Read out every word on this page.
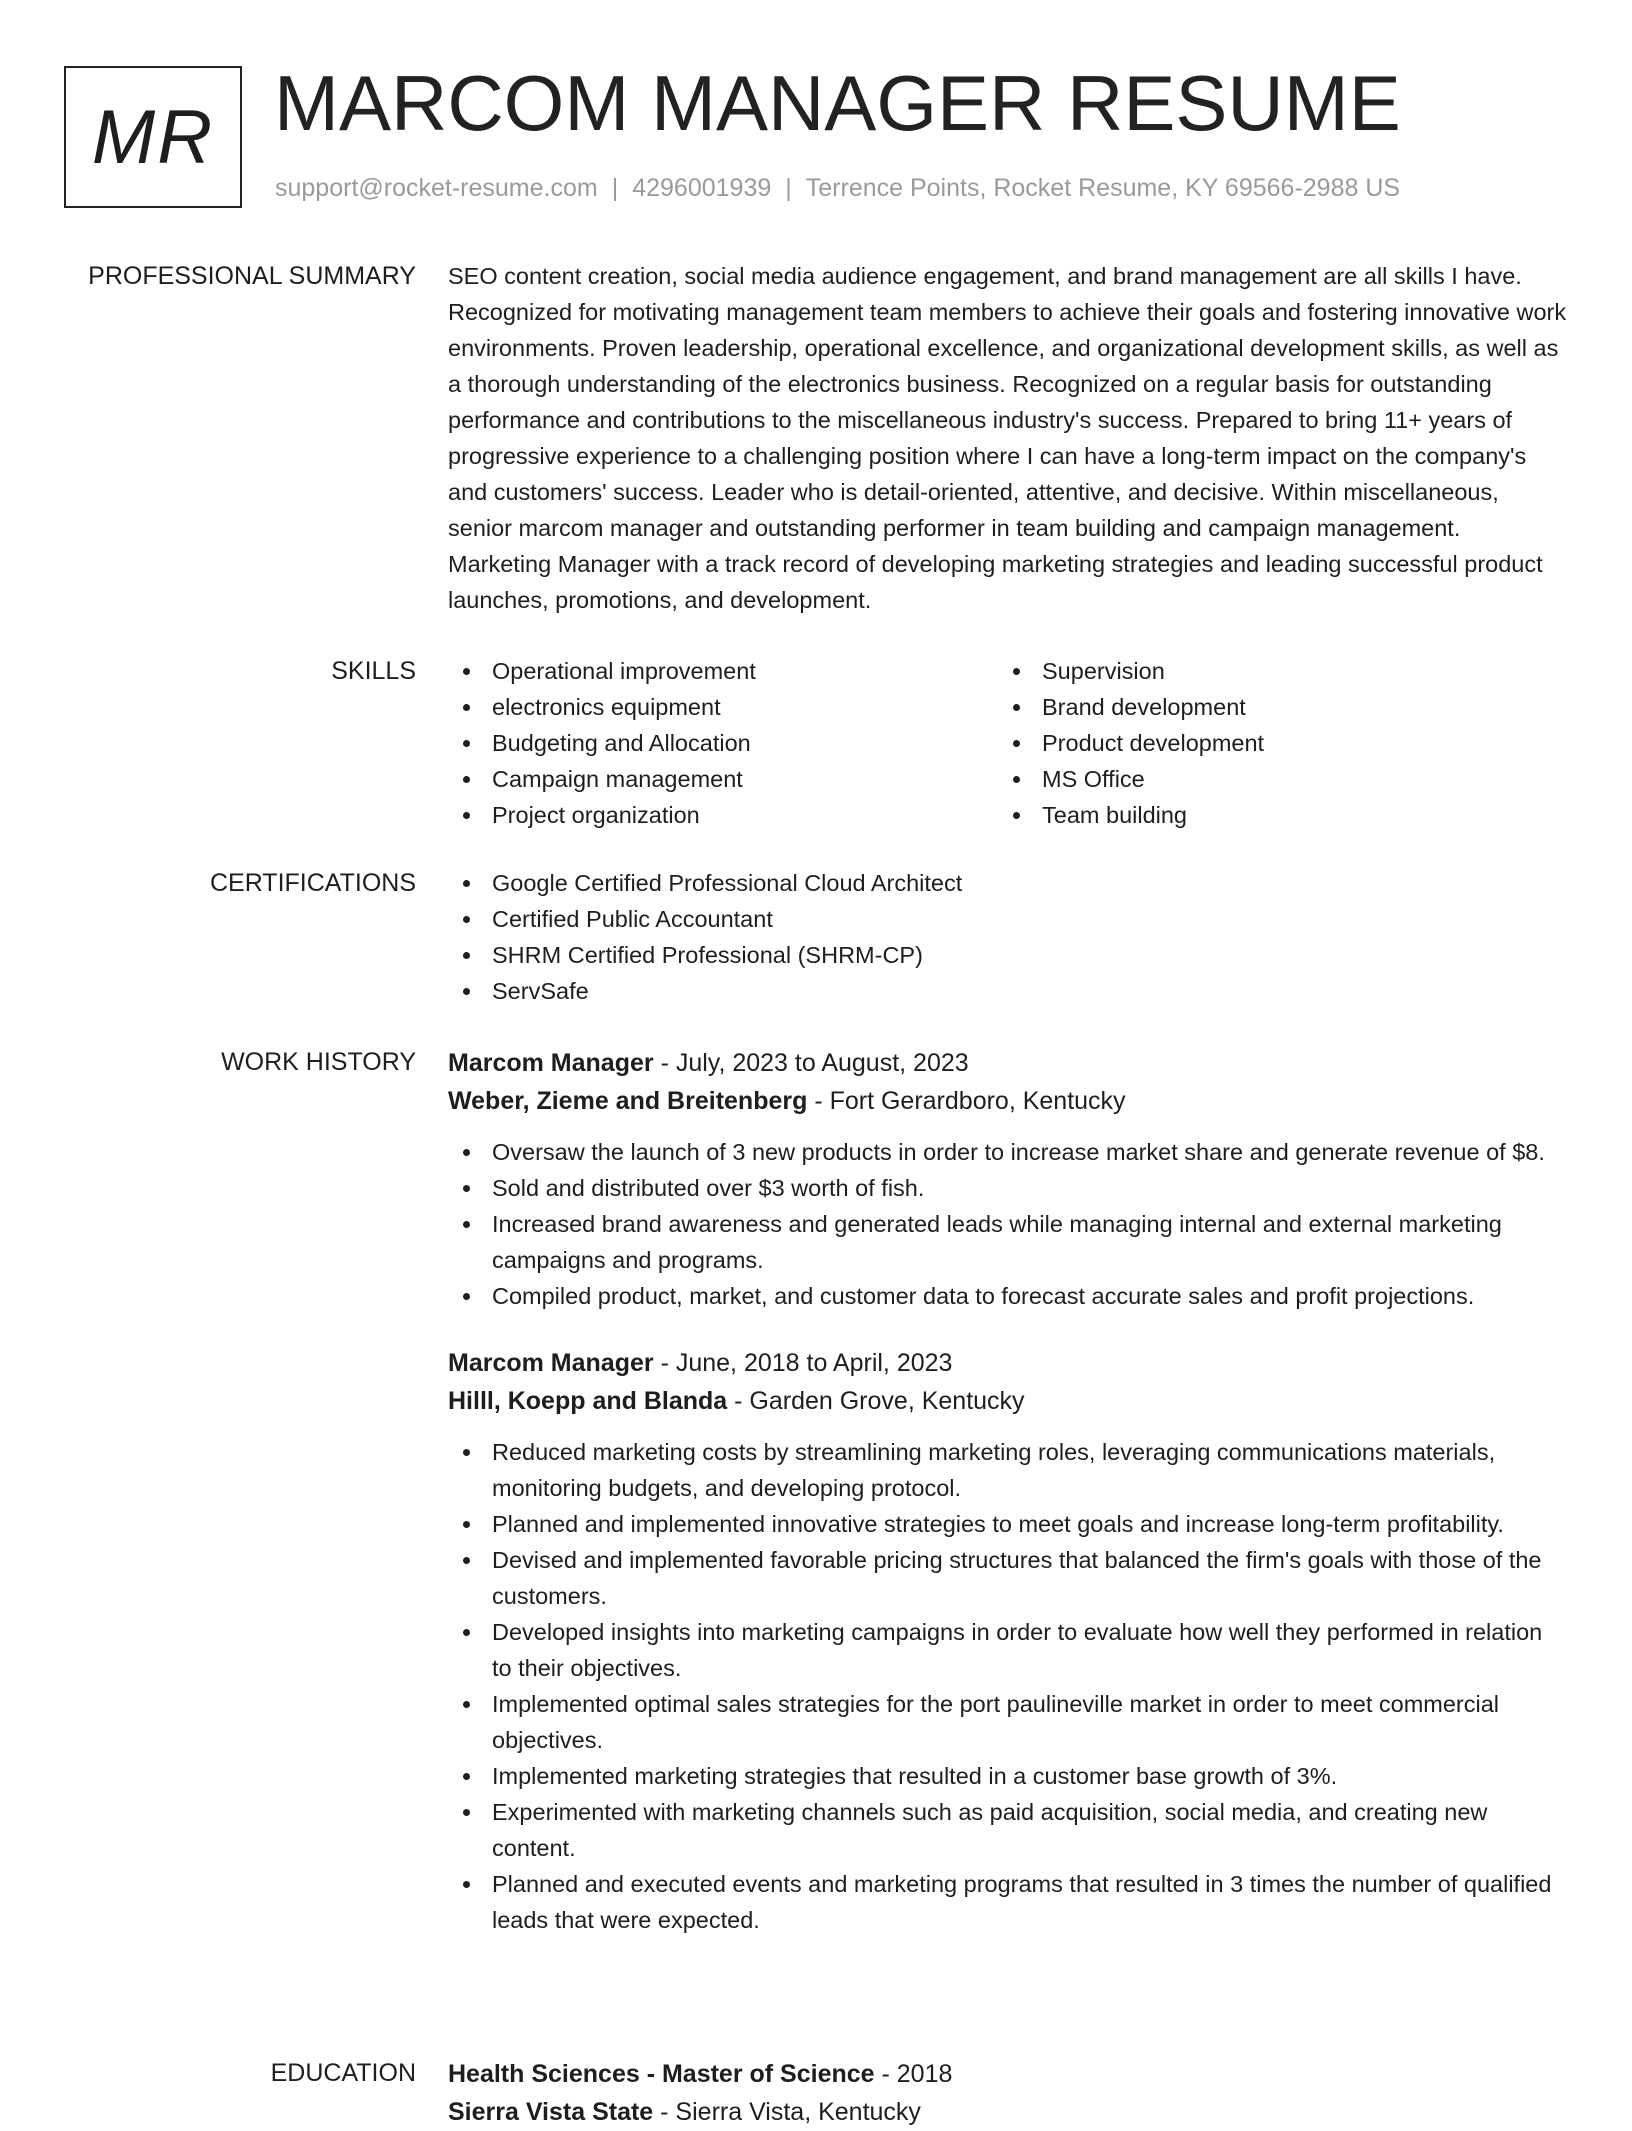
MR MARCOM MANAGER RESUME
support@rocket-resume.com | 4296001939 | Terrence Points, Rocket Resume, KY 69566-2988 US
PROFESSIONAL SUMMARY SEO content creation, social media audience engagement, and brand management are all skills I have. Recognized for motivating management team members to achieve their goals and fostering innovative work environments. Proven leadership, operational excellence, and organizational development skills, as well as a thorough understanding of the electronics business. Recognized on a regular basis for outstanding performance and contributions to the miscellaneous industry's success. Prepared to bring 11+ years of progressive experience to a challenging position where I can have a long-term impact on the company's and customers' success. Leader who is detail-oriented, attentive, and decisive. Within miscellaneous, senior marcom manager and outstanding performer in team building and campaign management. Marketing Manager with a track record of developing marketing strategies and leading successful product launches, promotions, and development.

SKILLS	Operational improvement
electronics equipment
Budgeting and Allocation
Campaign management
Project organization
Supervision
Brand development
Product development
MS Office
Team building
CERTIFICATIONS	Google Certified Professional Cloud Architect
Certified Public Accountant
SHRM Certified Professional (SHRM-CP)
ServSafe
WORK HISTORY Marcom Manager - July, 2023 to August, 2023
Weber, Zieme and Breitenberg - Fort Gerardboro, Kentucky
Oversaw the launch of 3 new products in order to increase market share and generate revenue of $8.
Sold and distributed over $3 worth of fish.
Increased brand awareness and generated leads while managing internal and external marketing campaigns and programs.
Compiled product, market, and customer data to forecast accurate sales and profit projections.
Marcom Manager - June, 2018 to April, 2023
Hilll, Koepp and Blanda - Garden Grove, Kentucky
Reduced marketing costs by streamlining marketing roles, leveraging communications materials, monitoring budgets, and developing protocol.
Planned and implemented innovative strategies to meet goals and increase long-term profitability.
Devised and implemented favorable pricing structures that balanced the firm's goals with those of the customers.
Developed insights into marketing campaigns in order to evaluate how well they performed in relation to their objectives.
Implemented optimal sales strategies for the port paulineville market in order to meet commercial objectives.
Implemented marketing strategies that resulted in a customer base growth of 3%.
Experimented with marketing channels such as paid acquisition, social media, and creating new content.
Planned and executed events and marketing programs that resulted in 3 times the number of qualified leads that were expected.
EDUCATION Health Sciences - Master of Science - 2018
Sierra Vista State - Sierra Vista, Kentucky
